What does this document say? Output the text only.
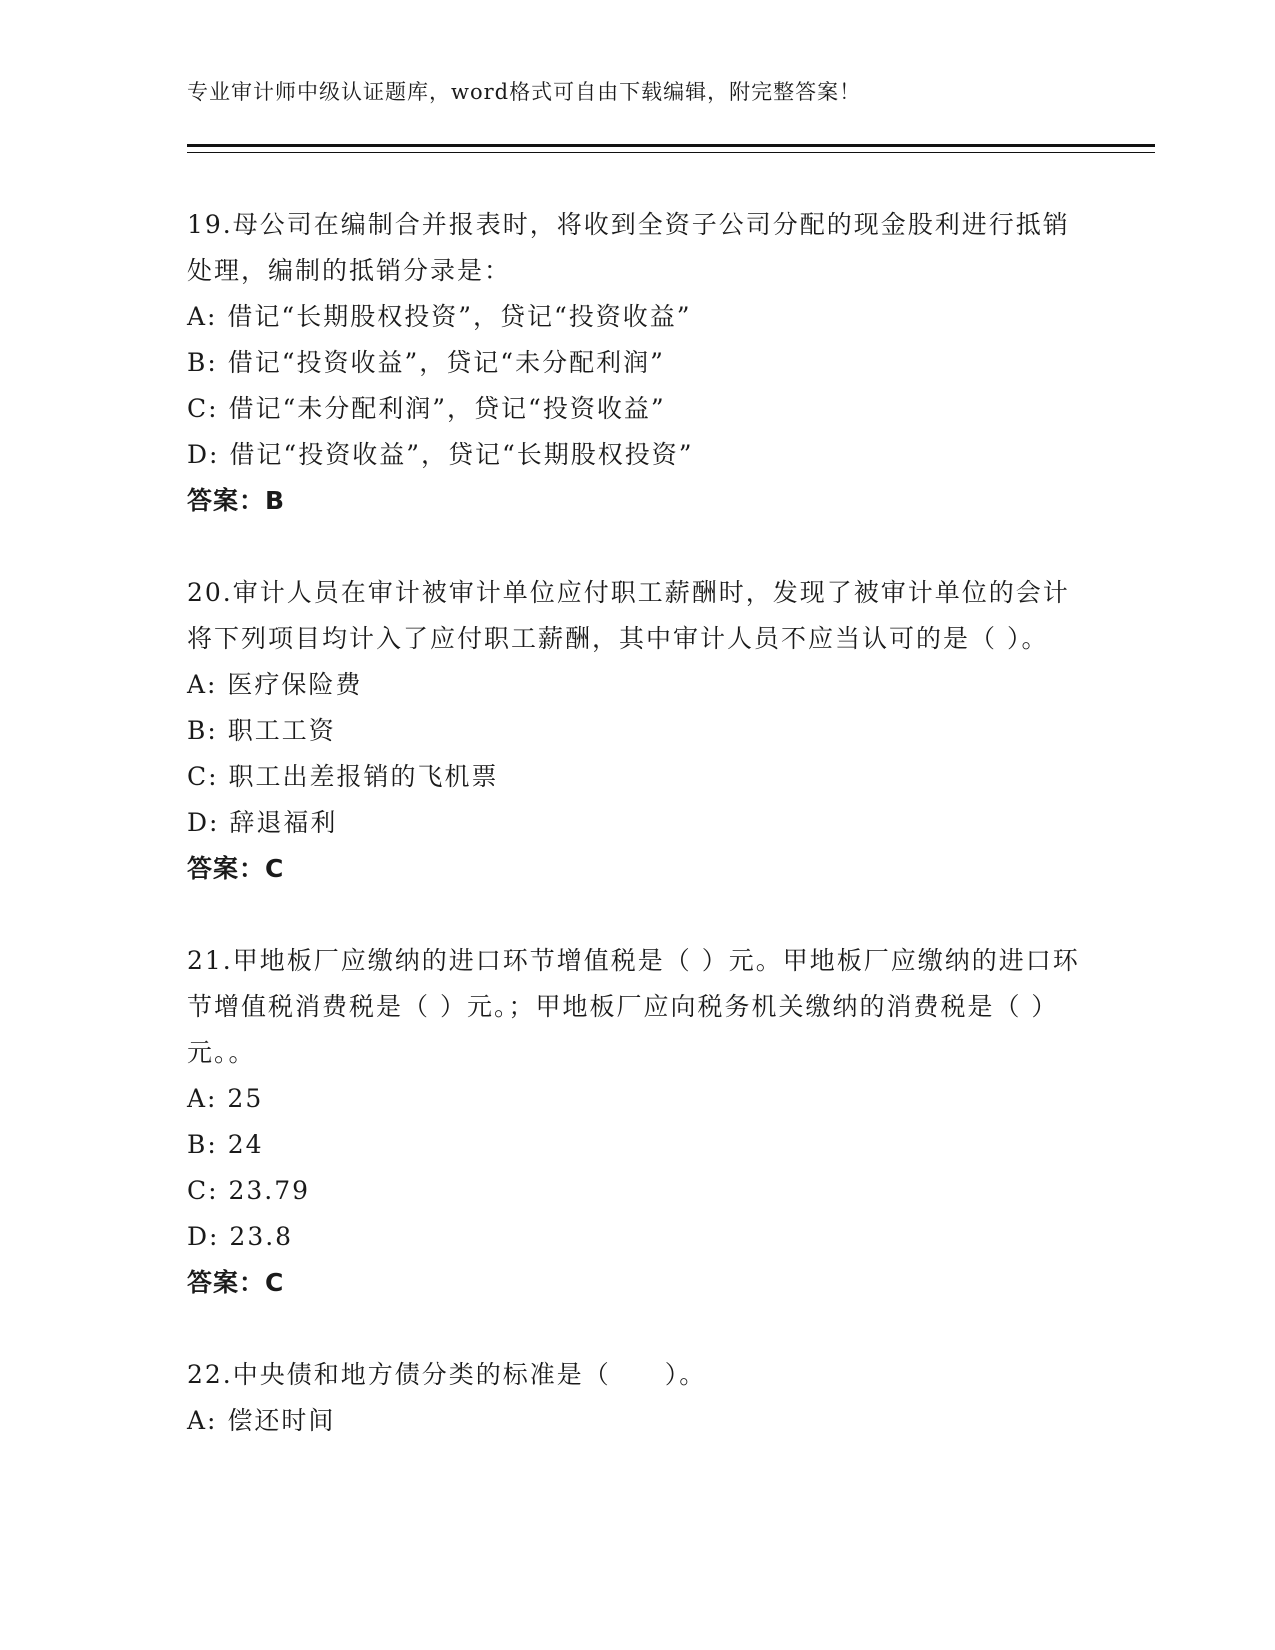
专业审计师中级认证题库，word格式可自由下载编辑，附完整答案！

19.母公司在编制合并报表时，将收到全资子公司分配的现金股利进行抵销处理，编制的抵销分录是：

A: 借记“长期股权投资”，贷记“投资收益”

B: 借记“投资收益”，贷记“未分配利润”

C: 借记“未分配利润”，贷记“投资收益”

D: 借记“投资收益”，贷记“长期股权投资”

答案：B

20.审计人员在审计被审计单位应付职工薪酬时，发现了被审计单位的会计将下列项目均计入了应付职工薪酬，其中审计人员不应当认可的是（ ）。

A: 医疗保险费

B: 职工工资

C: 职工出差报销的飞机票

D: 辞退福利

答案：C

21.甲地板厂应缴纳的进口环节增值税是（ ）元。甲地板厂应缴纳的进口环节增值税消费税是（ ）元。；甲地板厂应向税务机关缴纳的消费税是（ ）元。。

A: 25

B: 24

C: 23.79

D: 23.8

答案：C

22.中央债和地方债分类的标准是（　　）。

A: 偿还时间
